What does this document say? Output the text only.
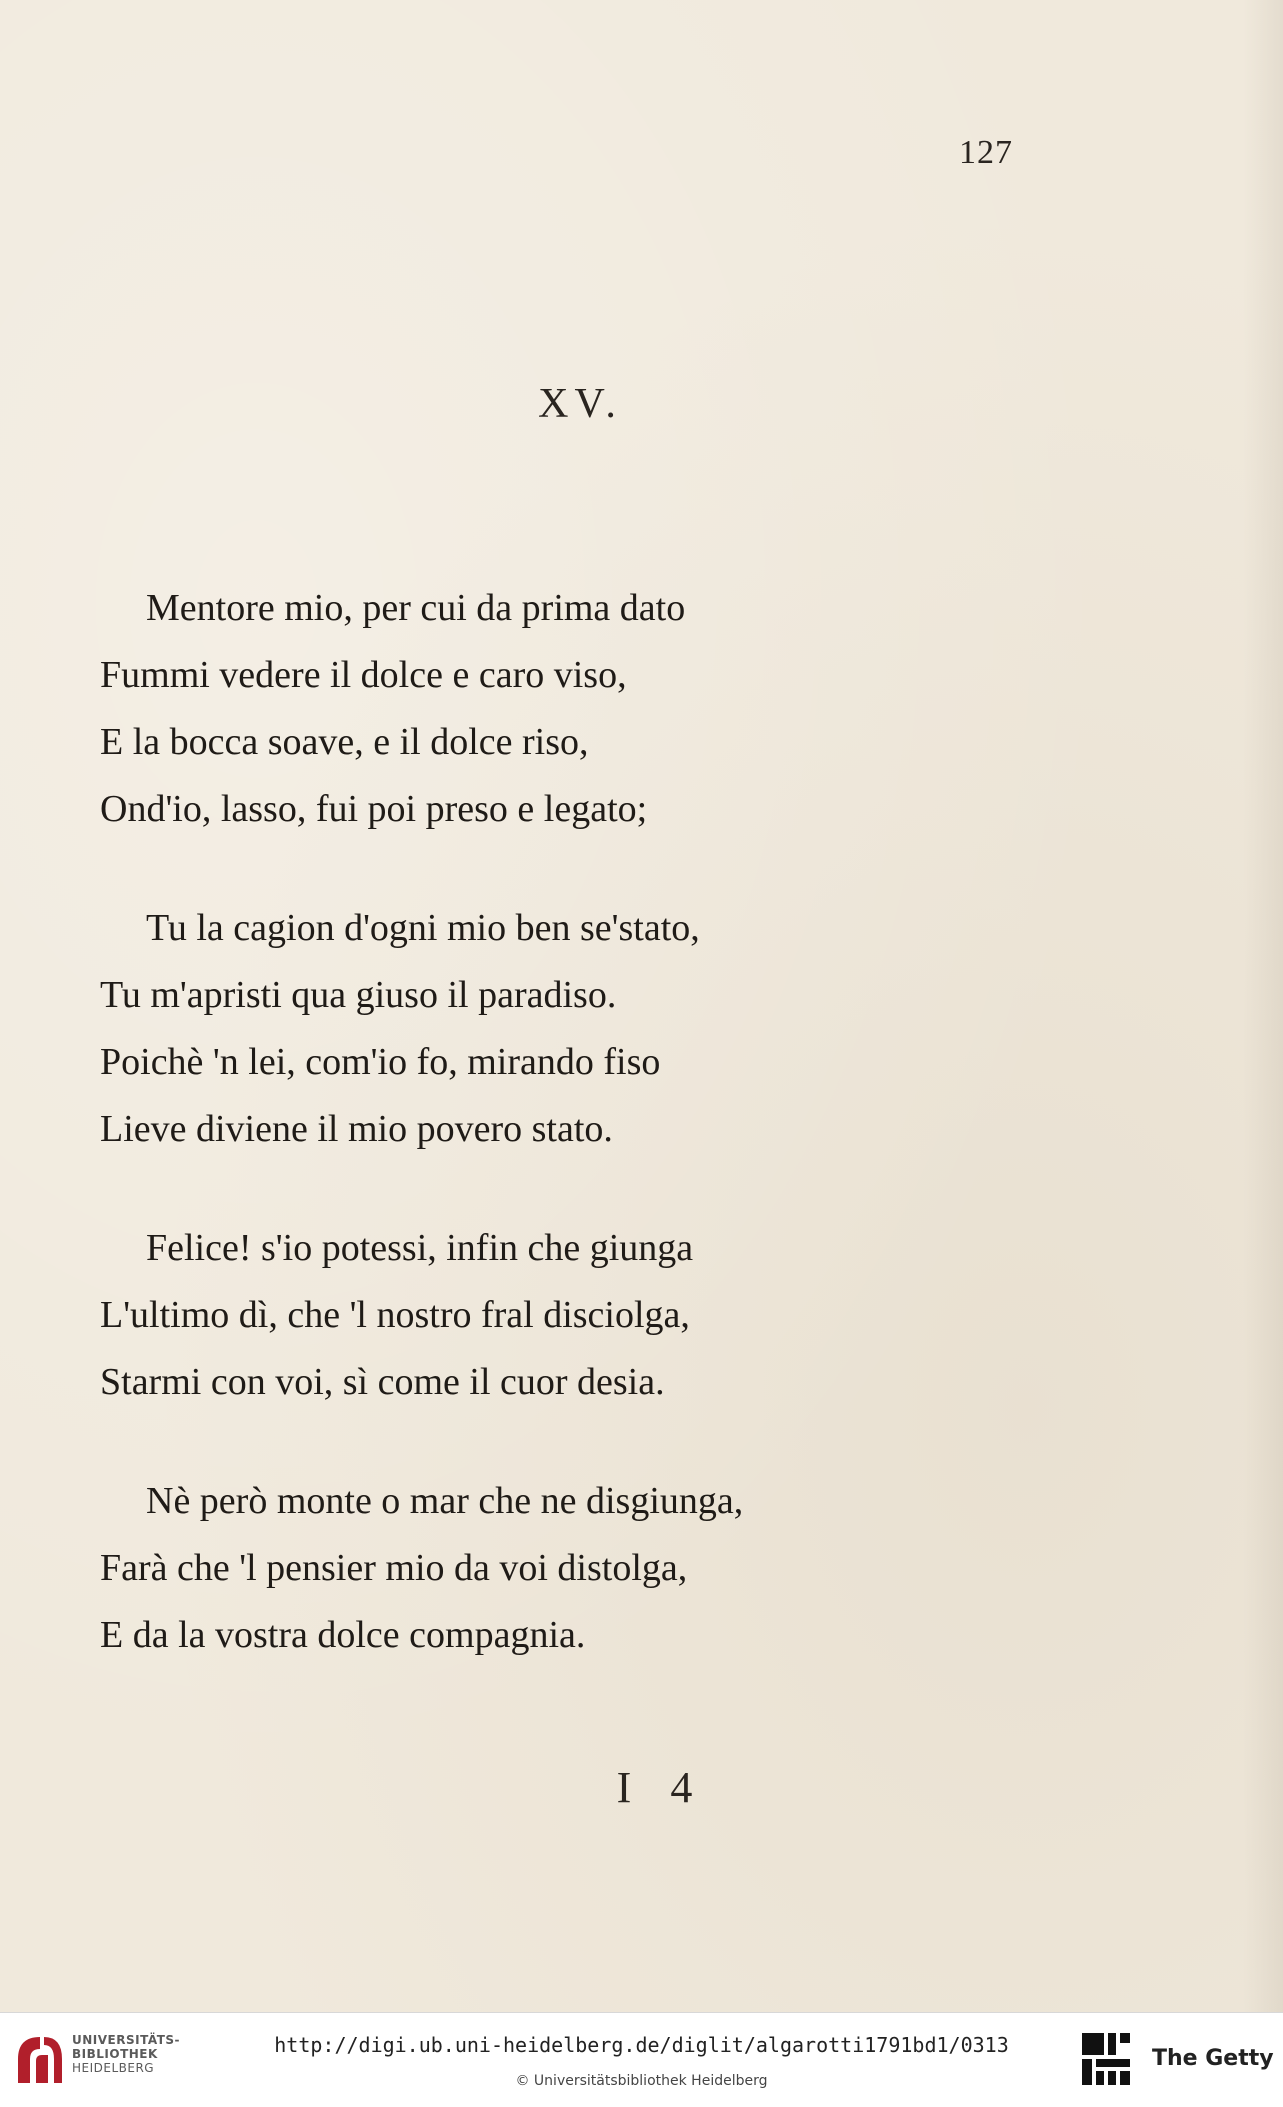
127
XV.
Mentore mio, per cui da prima dato
Fummi vedere il dolce e caro viso,
E la bocca soave, e il dolce riso,
Ond'io, lasso, fui poi preso e legato;
Tu la cagion d'ogni mio ben se'stato,
Tu m'apristi qua giuso il paradiso.
Poichè 'n lei, com'io fo, mirando fiso
Lieve diviene il mio povero stato.
Felice! s'io potessi, infin che giunga
L'ultimo dì, che 'l nostro fral disciolga,
Starmi con voi, sì come il cuor desia.
Nè però monte o mar che ne disgiunga,
Farà che 'l pensier mio da voi distolga,
E da la vostra dolce compagnia.
I 4
UNIVERSITÄTS-
BIBLIOTHEK
HEIDELBERG
http://digi.ub.uni-heidelberg.de/diglit/algarotti1791bd1/0313
© Universitätsbibliothek Heidelberg
The Getty
